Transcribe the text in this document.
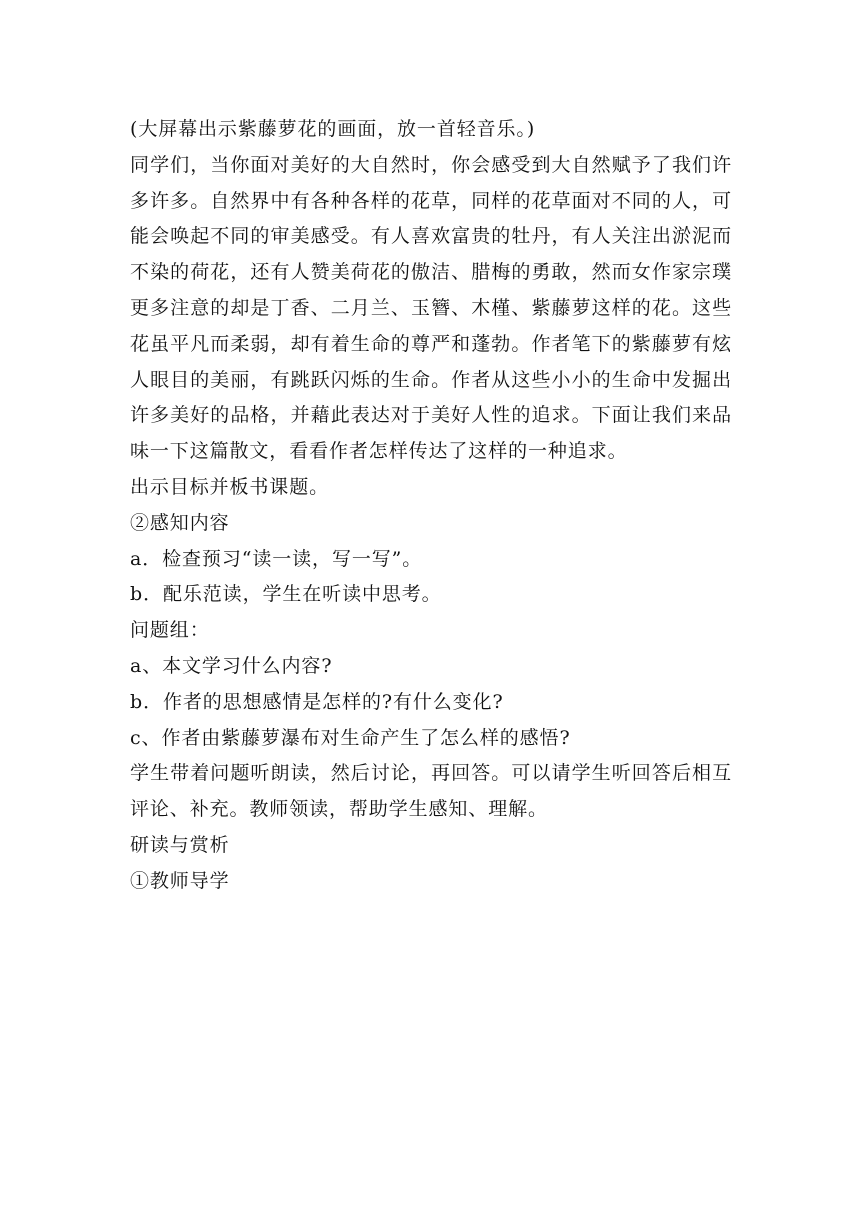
(大屏幕出示紫藤萝花的画面，放一首轻音乐。)
同学们，当你面对美好的大自然时，你会感受到大自然赋予了我们许
多许多。自然界中有各种各样的花草，同样的花草面对不同的人，可
能会唤起不同的审美感受。有人喜欢富贵的牡丹，有人关注出淤泥而
不染的荷花，还有人赞美荷花的傲洁、腊梅的勇敢，然而女作家宗璞
更多注意的却是丁香、二月兰、玉簪、木槿、紫藤萝这样的花。这些
花虽平凡而柔弱，却有着生命的尊严和蓬勃。作者笔下的紫藤萝有炫
人眼目的美丽，有跳跃闪烁的生命。作者从这些小小的生命中发掘出
许多美好的品格，并藉此表达对于美好人性的追求。下面让我们来品
味一下这篇散文，看看作者怎样传达了这样的一种追求。
出示目标并板书课题。
②感知内容
a．检查预习“读一读，写一写”。
b．配乐范读，学生在听读中思考。
问题组：
a、本文学习什么内容?
b．作者的思想感情是怎样的?有什么变化?
c、作者由紫藤萝瀑布对生命产生了怎么样的感悟?
学生带着问题听朗读，然后讨论，再回答。可以请学生听回答后相互
评论、补充。教师领读，帮助学生感知、理解。
研读与赏析
①教师导学
